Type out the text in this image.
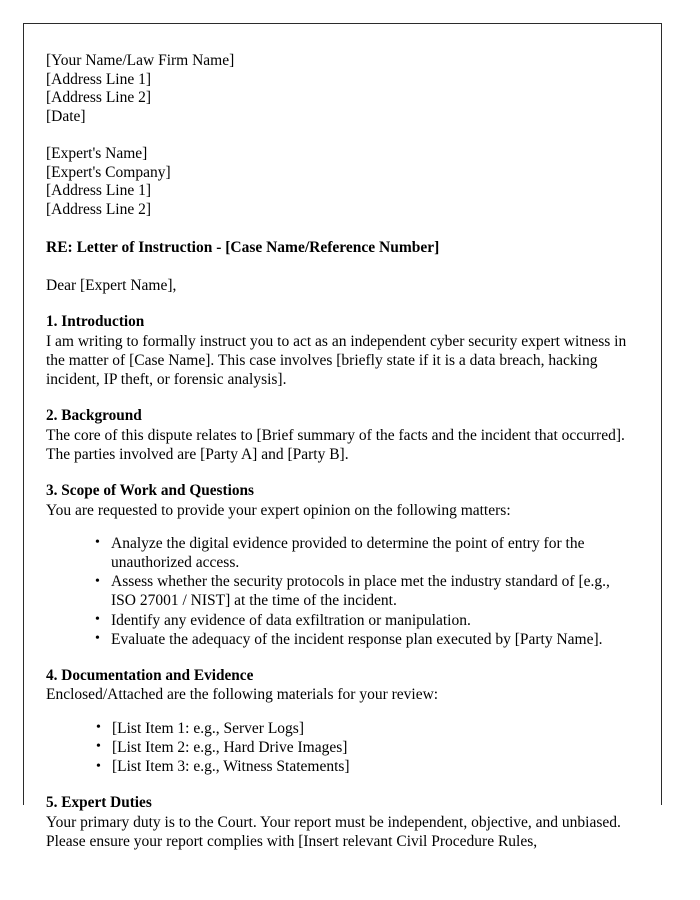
[Your Name/Law Firm Name]
[Address Line 1]
[Address Line 2]
[Date]
[Expert's Name]
[Expert's Company]
[Address Line 1]
[Address Line 2]
RE: Letter of Instruction - [Case Name/Reference Number]
Dear [Expert Name],
1. Introduction
I am writing to formally instruct you to act as an independent cyber security expert witness in the matter of [Case Name]. This case involves [briefly state if it is a data breach, hacking incident, IP theft, or forensic analysis].
2. Background
The core of this dispute relates to [Brief summary of the facts and the incident that occurred]. The parties involved are [Party A] and [Party B].
3. Scope of Work and Questions
You are requested to provide your expert opinion on the following matters:
• Analyze the digital evidence provided to determine the point of entry for the unauthorized access.
• Assess whether the security protocols in place met the industry standard of [e.g., ISO 27001 / NIST] at the time of the incident.
• Identify any evidence of data exfiltration or manipulation.
• Evaluate the adequacy of the incident response plan executed by [Party Name].
4. Documentation and Evidence
Enclosed/Attached are the following materials for your review:
• [List Item 1: e.g., Server Logs]
• [List Item 2: e.g., Hard Drive Images]
• [List Item 3: e.g., Witness Statements]
5. Expert Duties
Your primary duty is to the Court. Your report must be independent, objective, and unbiased. Please ensure your report complies with [Insert relevant Civil Procedure Rules,
